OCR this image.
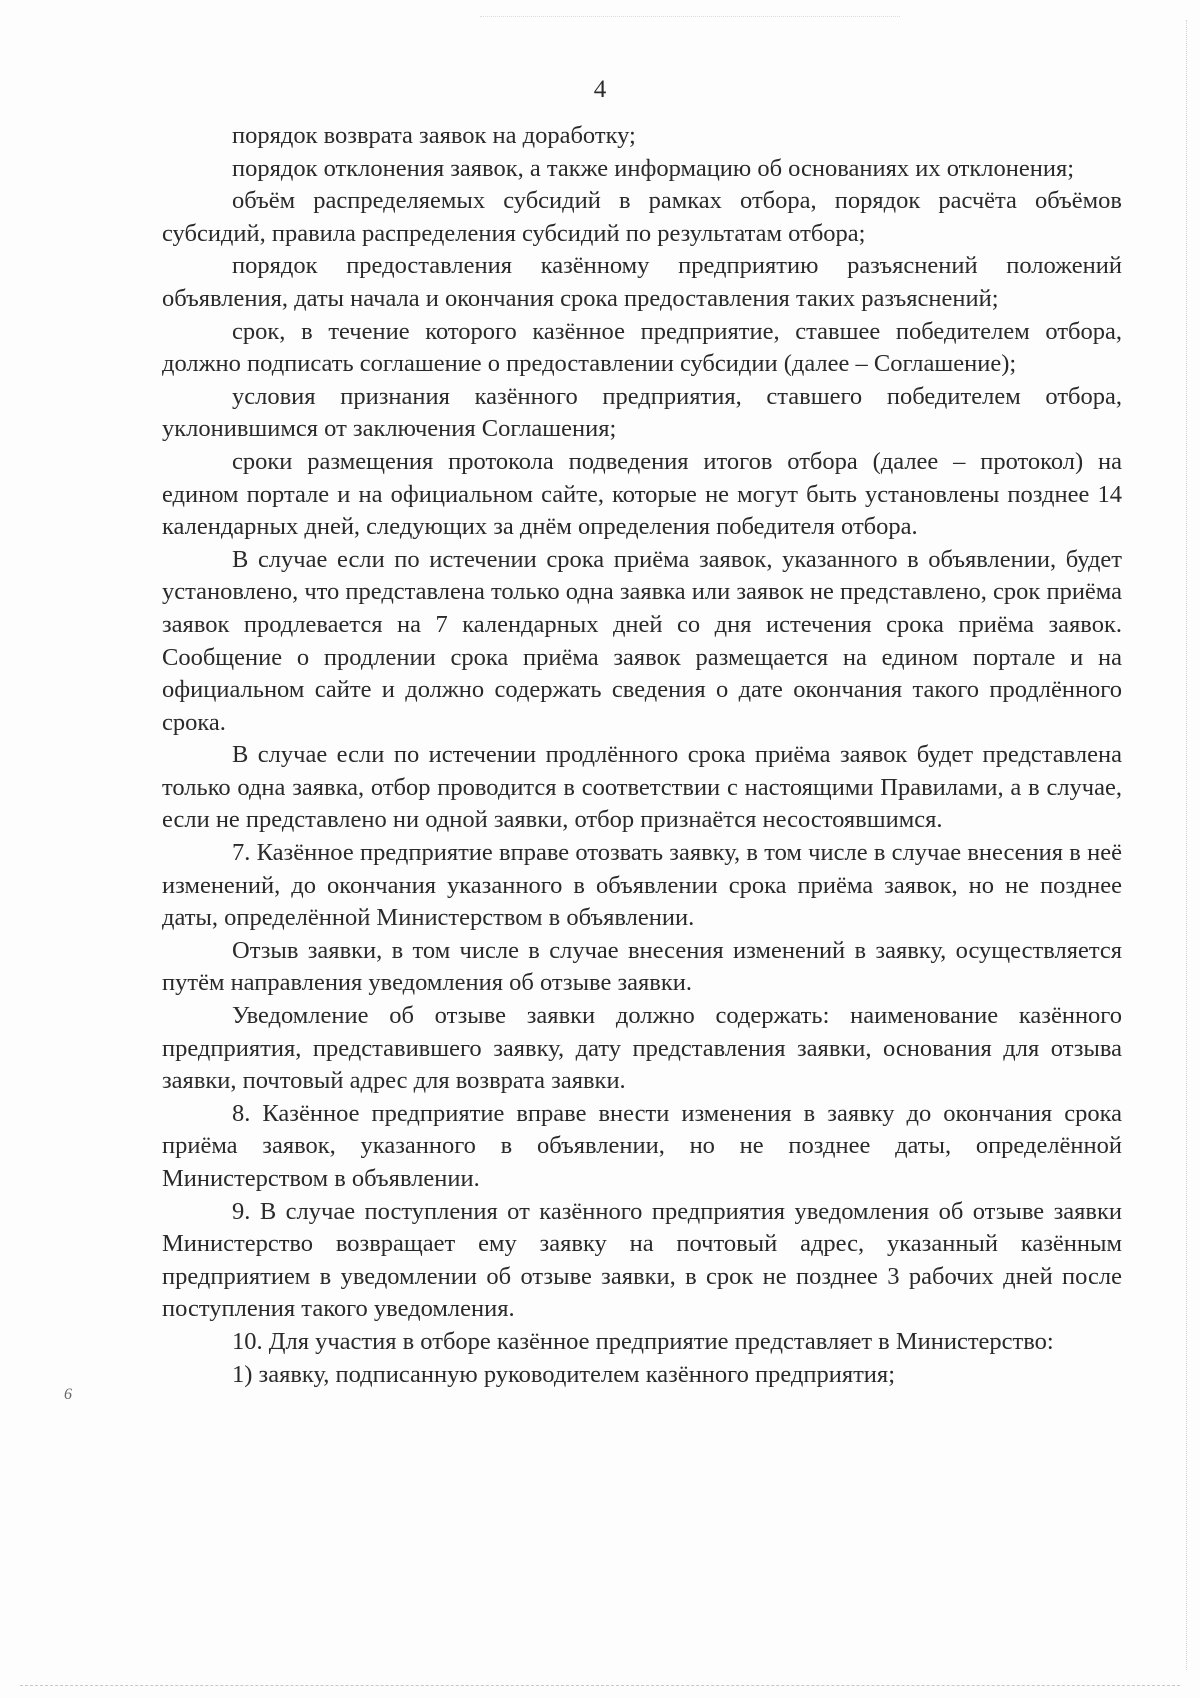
4

порядок возврата заявок на доработку;

порядок отклонения заявок, а также информацию об основаниях их отклонения;

объём распределяемых субсидий в рамках отбора, порядок расчёта объёмов субсидий, правила распределения субсидий по результатам отбора;

порядок предоставления казённому предприятию разъяснений положений объявления, даты начала и окончания срока предоставления таких разъяснений;

срок, в течение которого казённое предприятие, ставшее победителем отбора, должно подписать соглашение о предоставлении субсидии (далее – Соглашение);

условия признания казённого предприятия, ставшего победителем отбора, уклонившимся от заключения Соглашения;

сроки размещения протокола подведения итогов отбора (далее – протокол) на едином портале и на официальном сайте, которые не могут быть установлены позднее 14 календарных дней, следующих за днём определения победителя отбора.

В случае если по истечении срока приёма заявок, указанного в объявлении, будет установлено, что представлена только одна заявка или заявок не представлено, срок приёма заявок продлевается на 7 календарных дней со дня истечения срока приёма заявок. Сообщение о продлении срока приёма заявок размещается на едином портале и на официальном сайте и должно содержать сведения о дате окончания такого продлённого срока.

В случае если по истечении продлённого срока приёма заявок будет представлена только одна заявка, отбор проводится в соответствии с настоящими Правилами, а в случае, если не представлено ни одной заявки, отбор признаётся несостоявшимся.

7. Казённое предприятие вправе отозвать заявку, в том числе в случае внесения в неё изменений, до окончания указанного в объявлении срока приёма заявок, но не позднее даты, определённой Министерством в объявлении.

Отзыв заявки, в том числе в случае внесения изменений в заявку, осуществляется путём направления уведомления об отзыве заявки.

Уведомление об отзыве заявки должно содержать: наименование казённого предприятия, представившего заявку, дату представления заявки, основания для отзыва заявки, почтовый адрес для возврата заявки.

8. Казённое предприятие вправе внести изменения в заявку до окончания срока приёма заявок, указанного в объявлении, но не позднее даты, определённой Министерством в объявлении.

9. В случае поступления от казённого предприятия уведомления об отзыве заявки Министерство возвращает ему заявку на почтовый адрес, указанный казённым предприятием в уведомлении об отзыве заявки, в срок не позднее 3 рабочих дней после поступления такого уведомления.

10. Для участия в отборе казённое предприятие представляет в Министерство:

1) заявку, подписанную руководителем казённого предприятия;

6
